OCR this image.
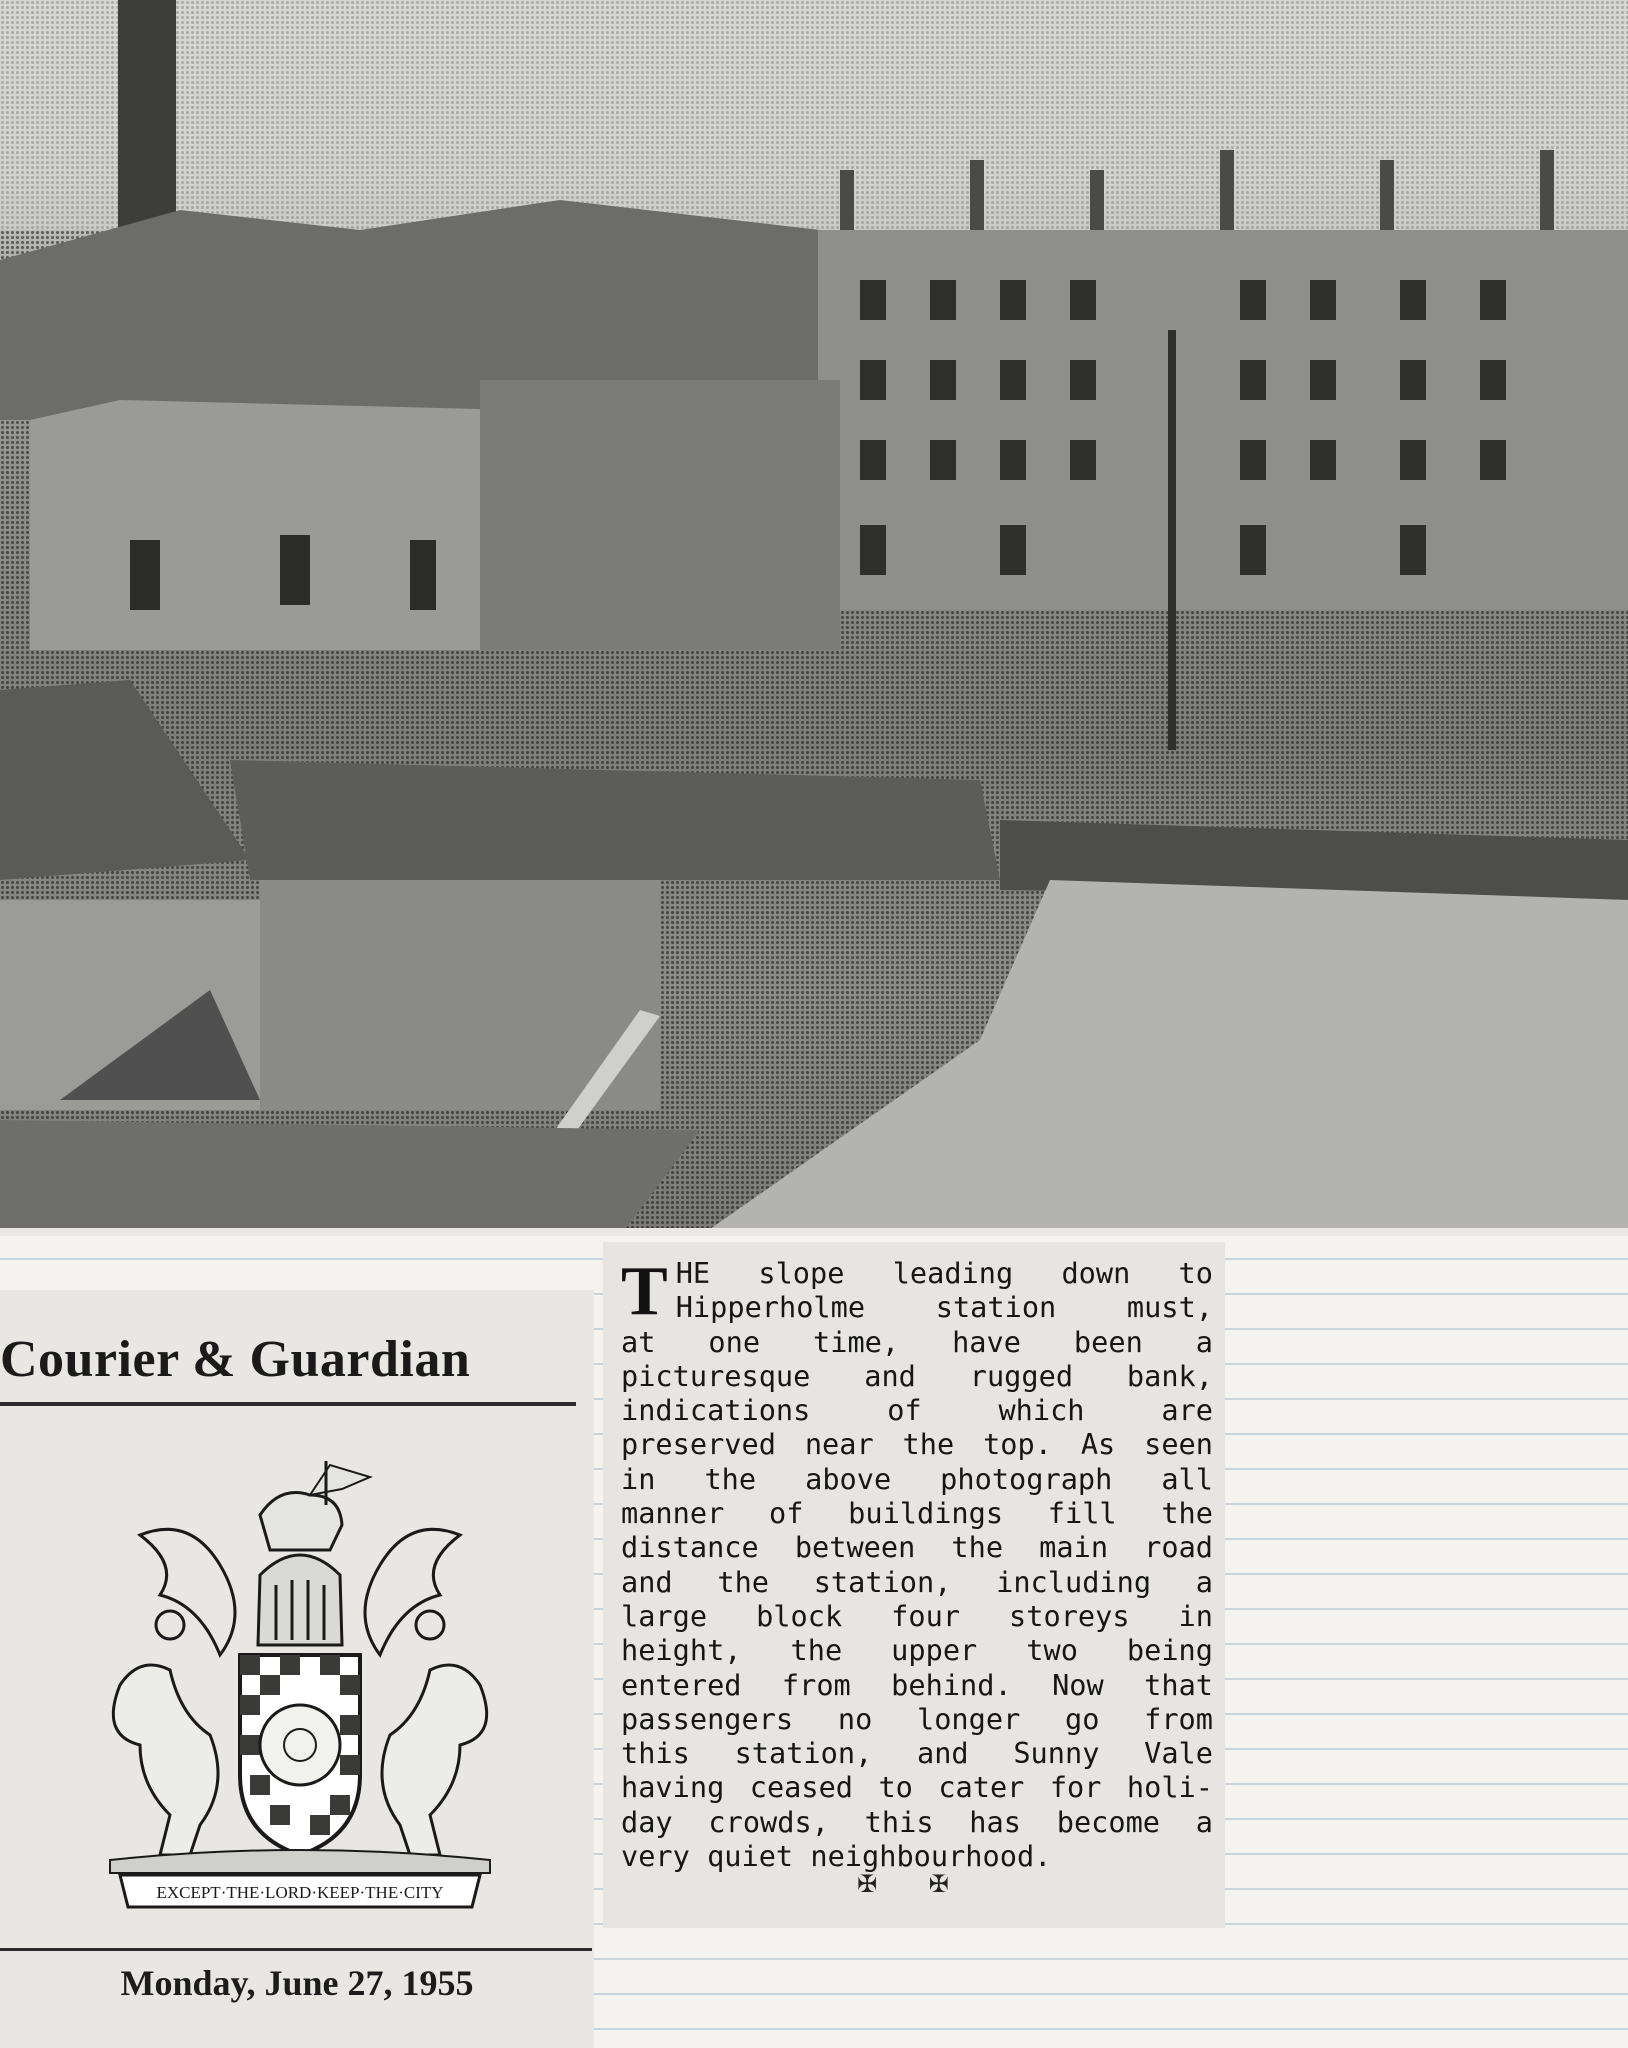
Courier & Guardian
EXCEPT·THE·LORD·KEEP·THE·CITY
Monday, June 27, 1955
T HE slope leading down to
Hipperholme station must,
at one time, have been a
picturesque and rugged bank,
indications of which are
preserved near the top. As seen
in the above photograph all
manner of buildings fill the
distance between the main road
and the station, including a
large block four storeys in
height, the upper two being
entered from behind. Now that
passengers no longer go from
this station, and Sunny Vale
having ceased to cater for holi-
day crowds, this has become a
very quiet neighbourhood.
✠ ✠
